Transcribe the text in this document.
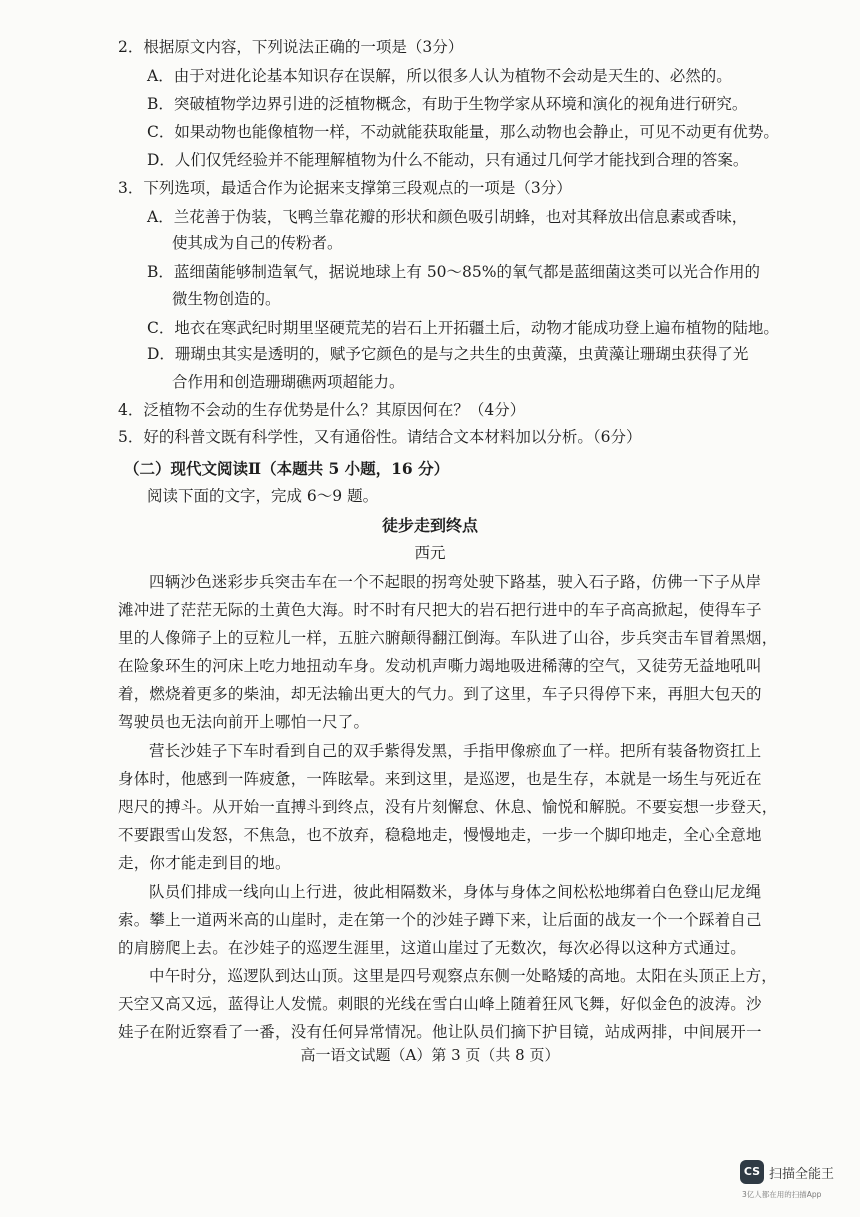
2．根据原文内容，下列说法正确的一项是（3分）
A．由于对进化论基本知识存在误解，所以很多人认为植物不会动是天生的、必然的。
B．突破植物学边界引进的泛植物概念，有助于生物学家从环境和演化的视角进行研究。
C．如果动物也能像植物一样，不动就能获取能量，那么动物也会静止，可见不动更有优势。
D．人们仅凭经验并不能理解植物为什么不能动，只有通过几何学才能找到合理的答案。
3．下列选项，最适合作为论据来支撑第三段观点的一项是（3分）
A．兰花善于伪装，飞鸭兰靠花瓣的形状和颜色吸引胡蜂，也对其释放出信息素或香味，
使其成为自己的传粉者。
B．蓝细菌能够制造氧气，据说地球上有 50～85%的氧气都是蓝细菌这类可以光合作用的
微生物创造的。
C．地衣在寒武纪时期里坚硬荒芜的岩石上开拓疆土后，动物才能成功登上遍布植物的陆地。
D．珊瑚虫其实是透明的，赋予它颜色的是与之共生的虫黄藻，虫黄藻让珊瑚虫获得了光
合作用和创造珊瑚礁两项超能力。
4．泛植物不会动的生存优势是什么？其原因何在？（4分）
5．好的科普文既有科学性，又有通俗性。请结合文本材料加以分析。（6分）
（二）现代文阅读Ⅱ（本题共 5 小题，16 分）
阅读下面的文字，完成 6～9 题。
徒步走到终点
西元
四辆沙色迷彩步兵突击车在一个不起眼的拐弯处驶下路基，驶入石子路，仿佛一下子从岸
滩冲进了茫茫无际的土黄色大海。时不时有尺把大的岩石把行进中的车子高高掀起，使得车子
里的人像筛子上的豆粒儿一样，五脏六腑颠得翻江倒海。车队进了山谷，步兵突击车冒着黑烟，
在险象环生的河床上吃力地扭动车身。发动机声嘶力竭地吸进稀薄的空气，又徒劳无益地吼叫
着，燃烧着更多的柴油，却无法输出更大的气力。到了这里，车子只得停下来，再胆大包天的
驾驶员也无法向前开上哪怕一尺了。
营长沙娃子下车时看到自己的双手紫得发黑，手指甲像瘀血了一样。把所有装备物资扛上
身体时，他感到一阵疲惫，一阵眩晕。来到这里，是巡逻，也是生存，本就是一场生与死近在
咫尺的搏斗。从开始一直搏斗到终点，没有片刻懈怠、休息、愉悦和解脱。不要妄想一步登天，
不要跟雪山发怒，不焦急，也不放弃，稳稳地走，慢慢地走，一步一个脚印地走，全心全意地
走，你才能走到目的地。
队员们排成一线向山上行进，彼此相隔数米，身体与身体之间松松地绑着白色登山尼龙绳
索。攀上一道两米高的山崖时，走在第一个的沙娃子蹲下来，让后面的战友一个一个踩着自己
的肩膀爬上去。在沙娃子的巡逻生涯里，这道山崖过了无数次，每次必得以这种方式通过。
中午时分，巡逻队到达山顶。这里是四号观察点东侧一处略矮的高地。太阳在头顶正上方，
天空又高又远，蓝得让人发慌。刺眼的光线在雪白山峰上随着狂风飞舞，好似金色的波涛。沙
娃子在附近察看了一番，没有任何异常情况。他让队员们摘下护目镜，站成两排，中间展开一
高一语文试题（A）第 3 页（共 8 页）
CS 扫描全能王
3亿人都在用的扫描App
